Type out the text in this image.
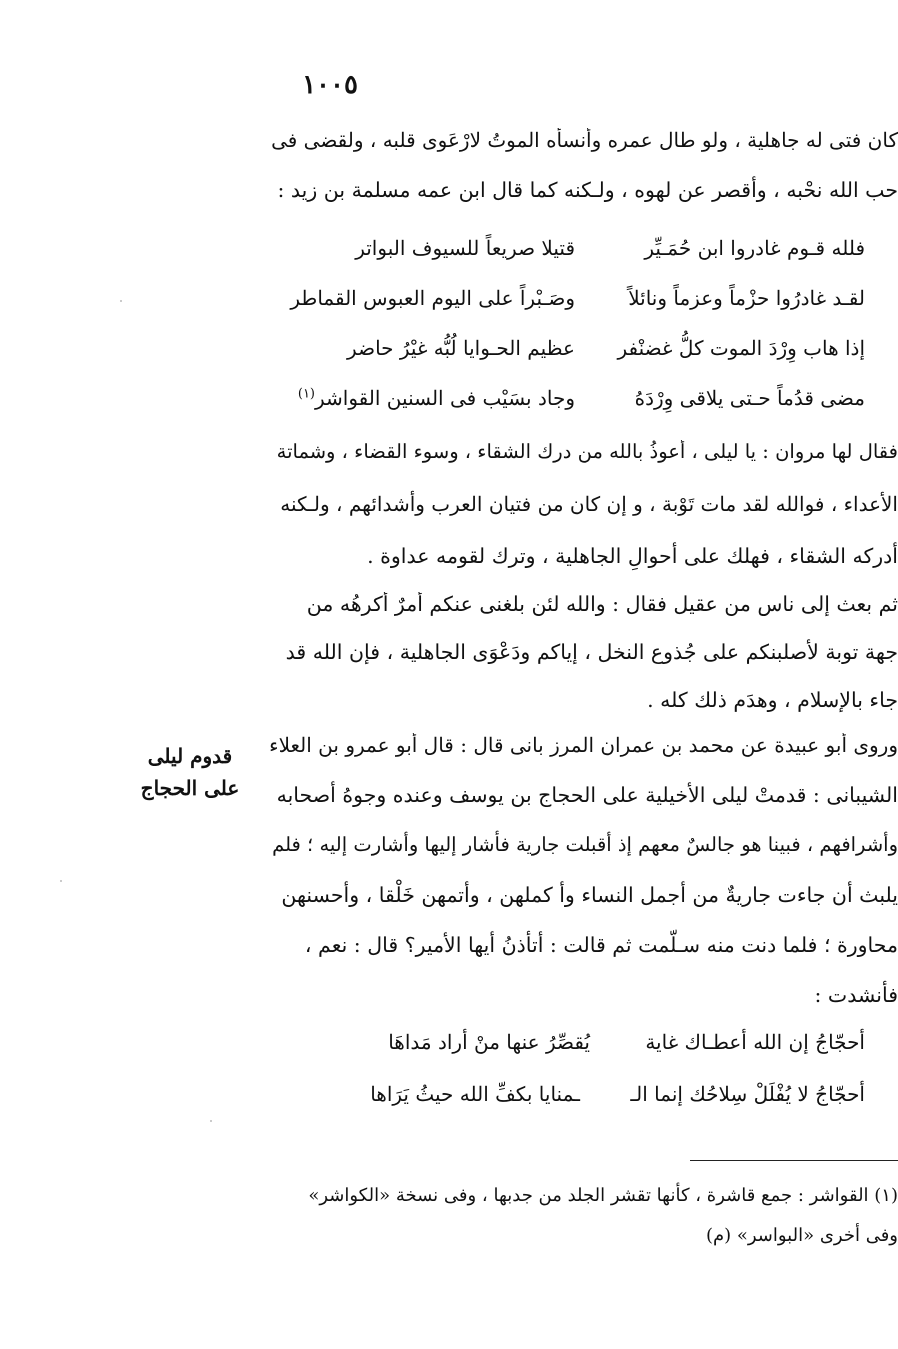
١٠٠٥
كان فتى له جاهلية ، ولو طال عمره وأنسأه الموتُ لارْعَوى قلبه ، ولقضى فى
حب الله نحْبه ، وأقصر عن لهوه ، ولـكنه كما قال ابن عمه مسلمة بن زيد :
فلله قـوم غادروا ابن حُمَـيِّر
قتيلا صريعاً للسيوف البواتر
لقـد غادرُوا حزْماً وعزماً ونائلاً
وصَـبْراً على اليوم العبوس القماطر
إذا هاب وِرْدَ الموت كلُّ غضنْفر
عظيم الحـوايا لُبُّه غيْرُ حاضر
مضى قدُماً حـتى يلاقى وِرْدَهُ
وجاد بسَيْب فى السنين القواشر$^{(١)}$
فقال لها مروان : يا ليلى ، أعوذُ بالله من درك الشقاء ، وسوء القضاء ، وشماتة
الأعداء ، فوالله لقد مات تَوْبة ، و إن كان من فتيان العرب وأشدائهم ، ولـكنه
أدركه الشقاء ، فهلك على أحوالِ الجاهلية ، وترك لقومه عداوة .
ثم بعث إلى ناس من عقيل فقال : والله لئن بلغنى عنكم أمرٌ أكرهُه من
جهة توبة لأصلبنكم على جُذوع النخل ، إياكم ودَعْوَى الجاهلية ، فإن الله قد
جاء بالإسلام ، وهدَم ذلك كله .
قدوم ليلى
على الحجاج
وروى أبو عبيدة عن محمد بن عمران المرز بانى قال : قال أبو عمرو بن العلاء
الشيبانى : قدمتْ ليلى الأخيلية على الحجاج بن يوسف وعنده وجوهُ أصحابه
وأشرافهم ، فبينا هو جالسٌ معهم إذ أقبلت جارية فأشار إليها وأشارت إليه ؛ فلم
يلبث أن جاءت جاريةٌ من أجمل النساء وأ كملهن ، وأتمهن خَلْقا ، وأحسنهن
محاورة ؛ فلما دنت منه سـلّمت ثم قالت : أتأذنُ أيها الأمير؟ قال : نعم ،
فأنشدت :
أحجّاجُ إن الله أعطـاك غاية
يُقصِّرُ عنها منْ أراد مَداهَا
أحجّاجُ لا يُفْلَلْ سِلاحُك إنما الـ
ـمنايا بكفِّ الله حيثُ يَرَاها
(١) القواشر : جمع قاشرة ، كأنها تقشر الجلد من جدبها ، وفى نسخة «الكواشر»
وفى أخرى «البواسر» (م)
